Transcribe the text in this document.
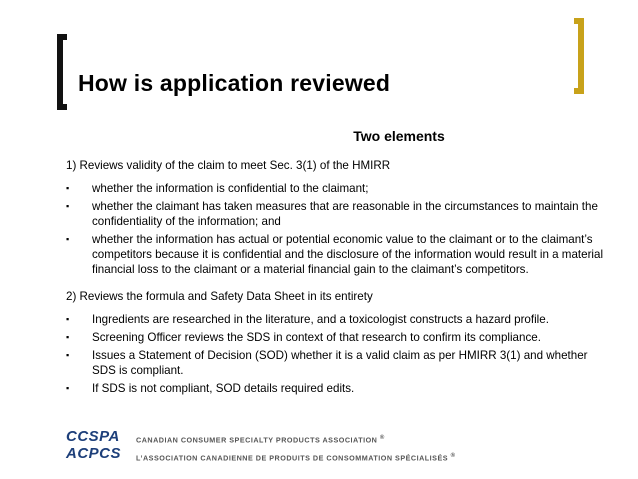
How is application reviewed
Two elements

1) Reviews validity of the claim to meet Sec. 3(1) of the HMIRR

▪	whether the information is confidential to the claimant;
▪	whether the claimant has taken measures that are reasonable in the circumstances to maintain the confidentiality of the information; and
▪	whether the information has actual or potential economic value to the claimant or to the claimant’s competitors because it is confidential and the disclosure of the information would result in a material financial loss to the claimant or a material financial gain to the claimant’s competitors.

2) Reviews the formula and Safety Data Sheet in its entirety

▪	Ingredients are researched in the literature, and a toxicologist constructs a hazard profile.
▪	Screening Officer reviews the SDS in context of that research to confirm its compliance.
▪	Issues a Statement of Decision (SOD) whether it is a valid claim as per HMIRR 3(1) and whether SDS is compliant.
▪	If SDS is not compliant, SOD details required edits.
CCSPA
ACPCS
CANADIAN CONSUMER SPECIALTY PRODUCTS ASSOCIATION ®
L’ASSOCIATION CANADIENNE DE PRODUITS DE CONSOMMATION SPÉCIALISÉS ®
